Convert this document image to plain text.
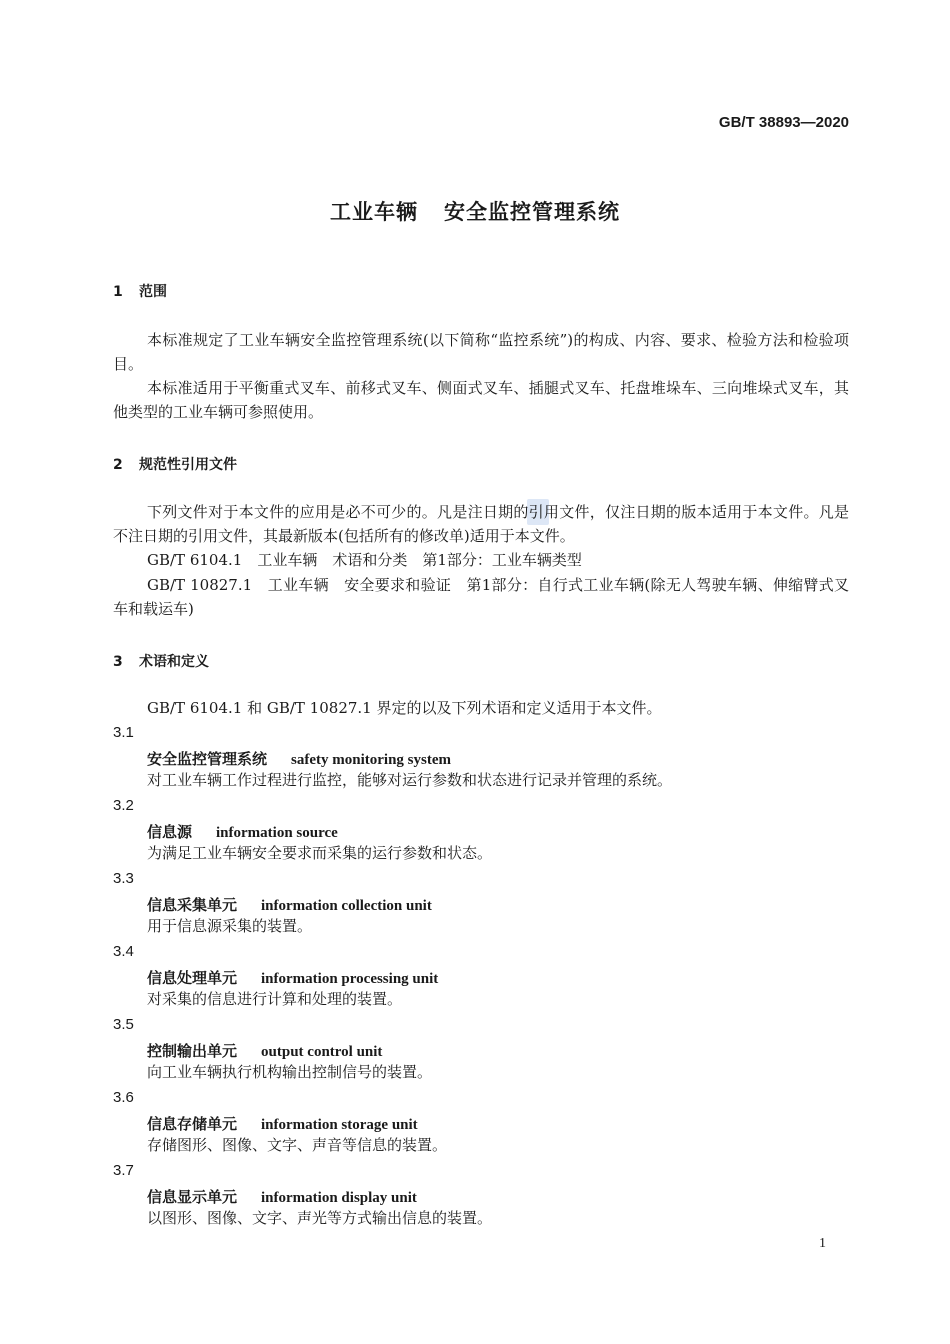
GB/T 38893—2020
工业车辆 安全监控管理系统
1 范围
本标准规定了工业车辆安全监控管理系统(以下简称“监控系统”)的构成、内容、要求、检验方法和检验项目。
本标准适用于平衡重式叉车、前移式叉车、侧面式叉车、插腿式叉车、托盘堆垛车、三向堆垛式叉车，其他类型的工业车辆可参照使用。
2 规范性引用文件
下列文件对于本文件的应用是必不可少的。凡是注日期的引用文件，仅注日期的版本适用于本文件。凡是不注日期的引用文件，其最新版本(包括所有的修改单)适用于本文件。
GB/T 6104.1　工业车辆　术语和分类　第1部分：工业车辆类型
GB/T 10827.1　工业车辆　安全要求和验证　第1部分：自行式工业车辆(除无人驾驶车辆、伸缩臂式叉车和载运车)
3 术语和定义
GB/T 6104.1 和 GB/T 10827.1 界定的以及下列术语和定义适用于本文件。
3.1
安全监控管理系统 safety monitoring system
对工业车辆工作过程进行监控，能够对运行参数和状态进行记录并管理的系统。
3.2
信息源 information source
为满足工业车辆安全要求而采集的运行参数和状态。
3.3
信息采集单元 information collection unit
用于信息源采集的装置。
3.4
信息处理单元 information processing unit
对采集的信息进行计算和处理的装置。
3.5
控制输出单元 output control unit
向工业车辆执行机构输出控制信号的装置。
3.6
信息存储单元 information storage unit
存储图形、图像、文字、声音等信息的装置。
3.7
信息显示单元 information display unit
以图形、图像、文字、声光等方式输出信息的装置。
1
